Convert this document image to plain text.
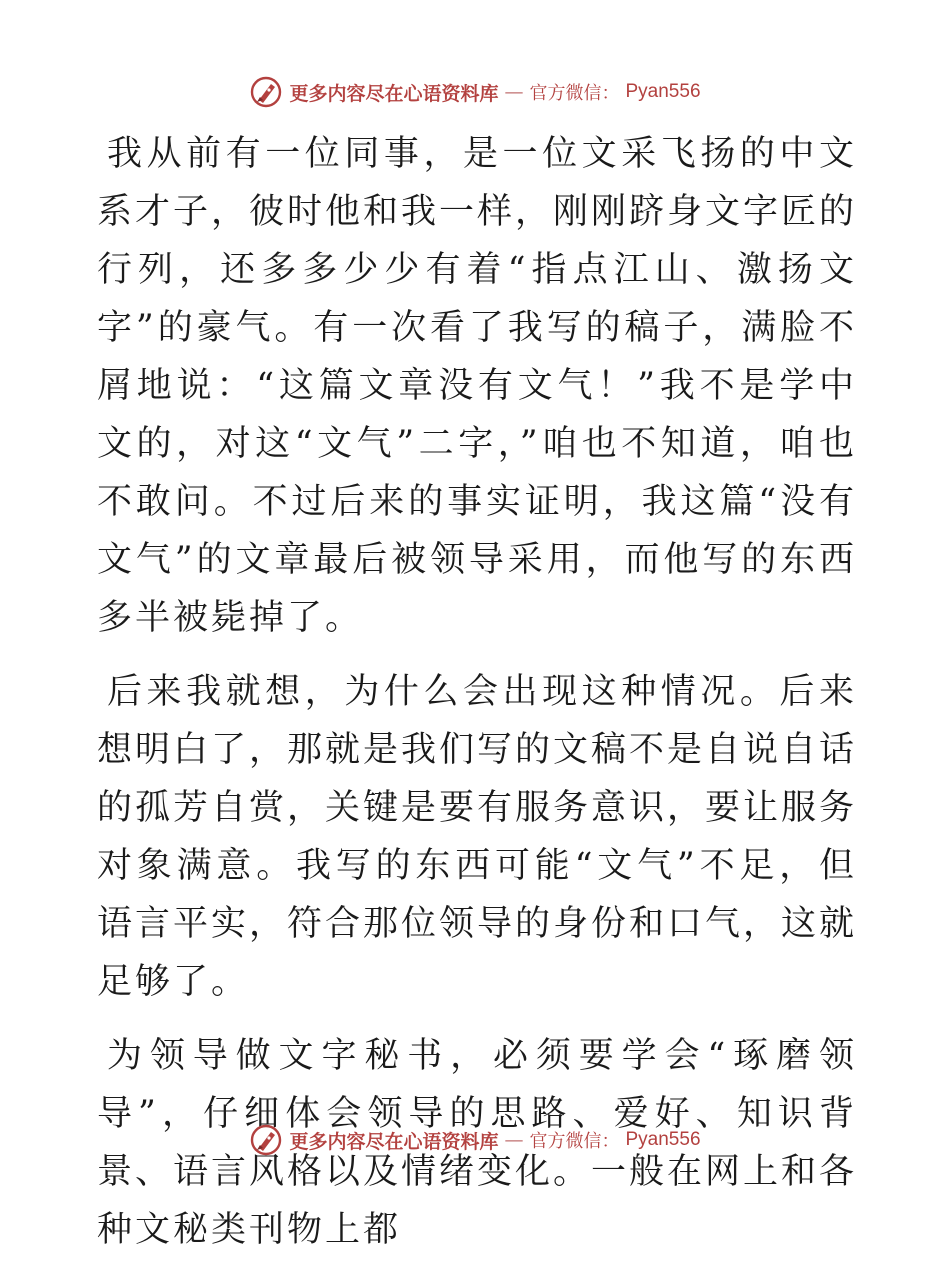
更多内容尽在心语资料库 — 官方微信： Pyan556

我从前有一位同事，是一位文采飞扬的中文系才子，彼时他和我一样，刚刚跻身文字匠的行列，还多多少少有着“指点江山、激扬文字”的豪气。有一次看了我写的稿子，满脸不屑地说：“这篇文章没有文气！”我不是学中文的，对这“文气”二字，”咱也不知道，咱也不敢问。不过后来的事实证明，我这篇“没有文气”的文章最后被领导采用，而他写的东西多半被毙掉了。

后来我就想，为什么会出现这种情况。后来想明白了，那就是我们写的文稿不是自说自话的孤芳自赏，关键是要有服务意识，要让服务对象满意。我写的东西可能“文气”不足，但语言平实，符合那位领导的身份和口气，这就足够了。

为领导做文字秘书，必须要学会“琢磨领导”，仔细体会领导的思路、爱好、知识背景、语言风格以及情绪变化。一般在网上和各种文秘类刊物上都

更多内容尽在心语资料库 — 官方微信： Pyan556
